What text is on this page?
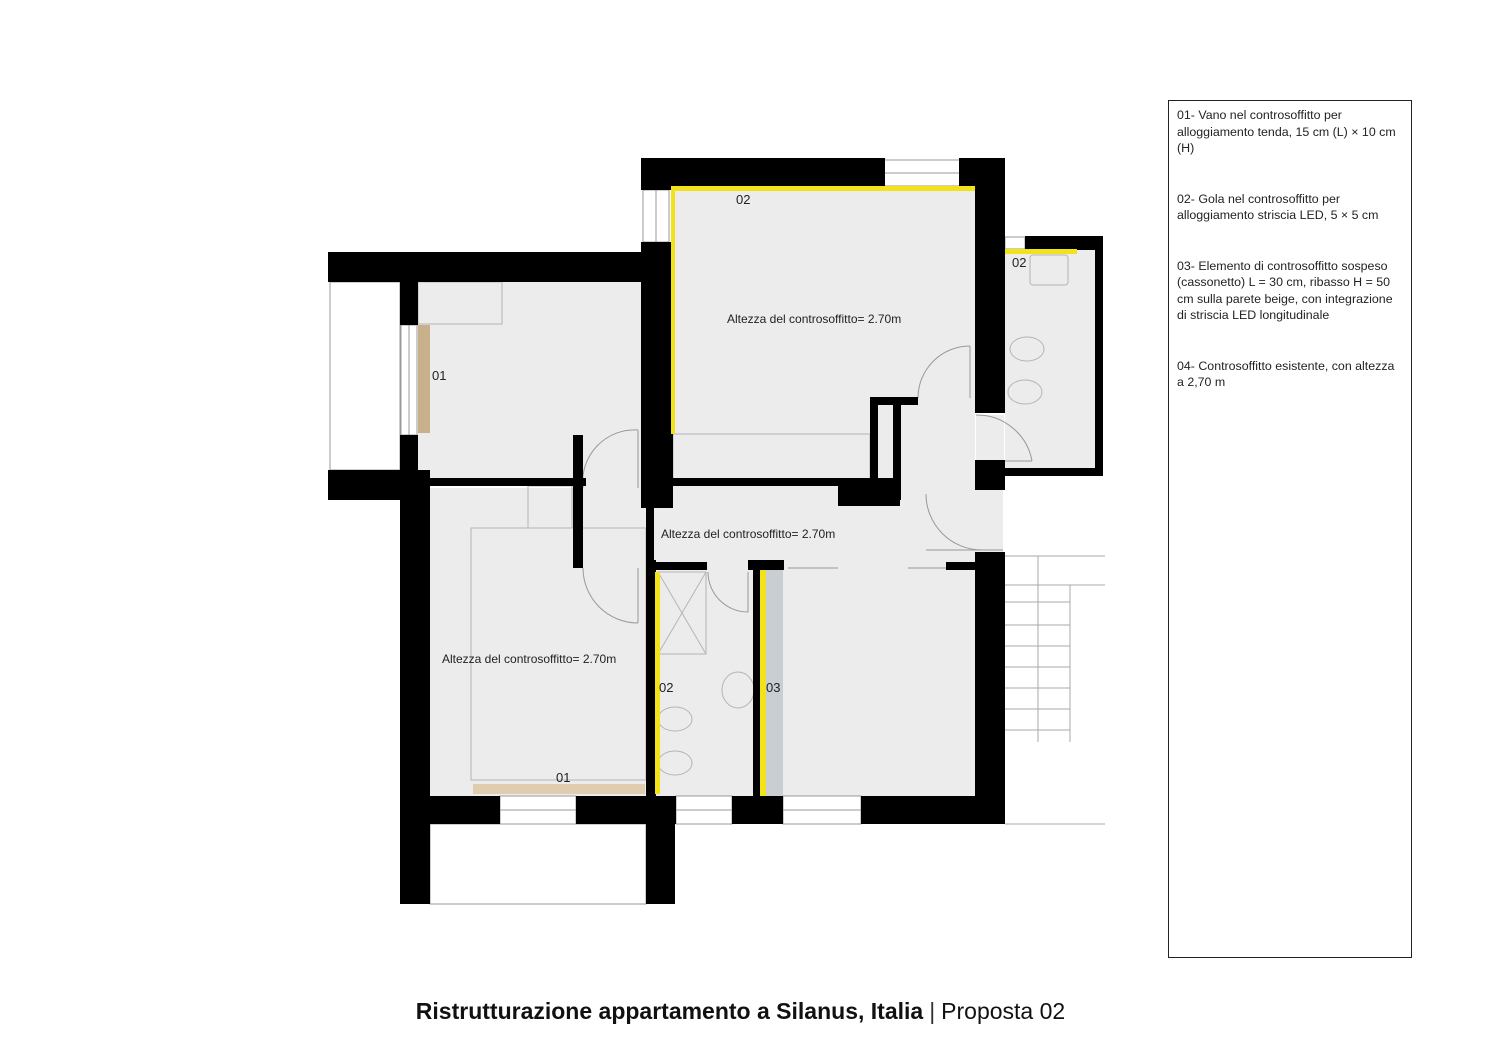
Altezza del controsoffitto= 2.70m
Altezza del controsoffitto= 2.70m
Altezza del controsoffitto= 2.70m
01
01
02
02
02	03

01- Vano nel controsoffitto per alloggiamento tenda, 15 cm (L) × 10 cm (H)

02- Gola nel controsoffitto per alloggiamento striscia LED, 5 × 5 cm

03- Elemento di controsoffitto sospeso (cassonetto) L = 30 cm, ribasso H = 50 cm sulla parete beige, con integrazione di striscia LED longitudinale

04- Controsoffitto esistente, con altezza a 2,70 m

Ristrutturazione appartamento a Silanus, Italia | Proposta 02
